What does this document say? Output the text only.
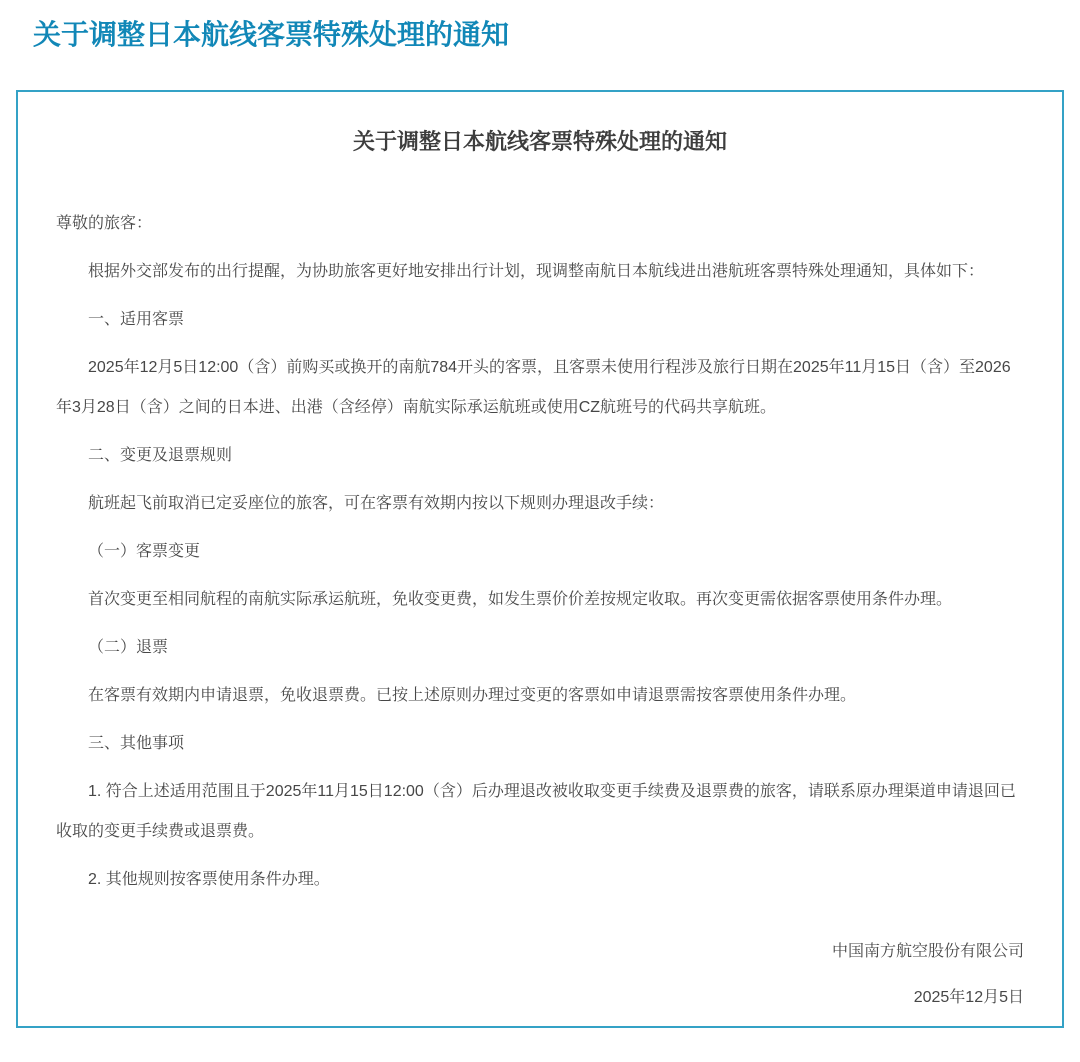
关于调整日本航线客票特殊处理的通知
关于调整日本航线客票特殊处理的通知

尊敬的旅客：

根据外交部发布的出行提醒，为协助旅客更好地安排出行计划，现调整南航日本航线进出港航班客票特殊处理通知，具体如下：

一、适用客票

2025年12月5日12:00（含）前购买或换开的南航784开头的客票，且客票未使用行程涉及旅行日期在2025年11月15日（含）至2026年3月28日（含）之间的日本进、出港（含经停）南航实际承运航班或使用CZ航班号的代码共享航班。

二、变更及退票规则

航班起飞前取消已定妥座位的旅客，可在客票有效期内按以下规则办理退改手续：

（一）客票变更

首次变更至相同航程的南航实际承运航班，免收变更费，如发生票价价差按规定收取。再次变更需依据客票使用条件办理。

（二）退票

在客票有效期内申请退票，免收退票费。已按上述原则办理过变更的客票如申请退票需按客票使用条件办理。

三、其他事项

1. 符合上述适用范围且于2025年11月15日12:00（含）后办理退改被收取变更手续费及退票费的旅客，请联系原办理渠道申请退回已收取的变更手续费或退票费。

2. 其他规则按客票使用条件办理。

中国南方航空股份有限公司
2025年12月5日
